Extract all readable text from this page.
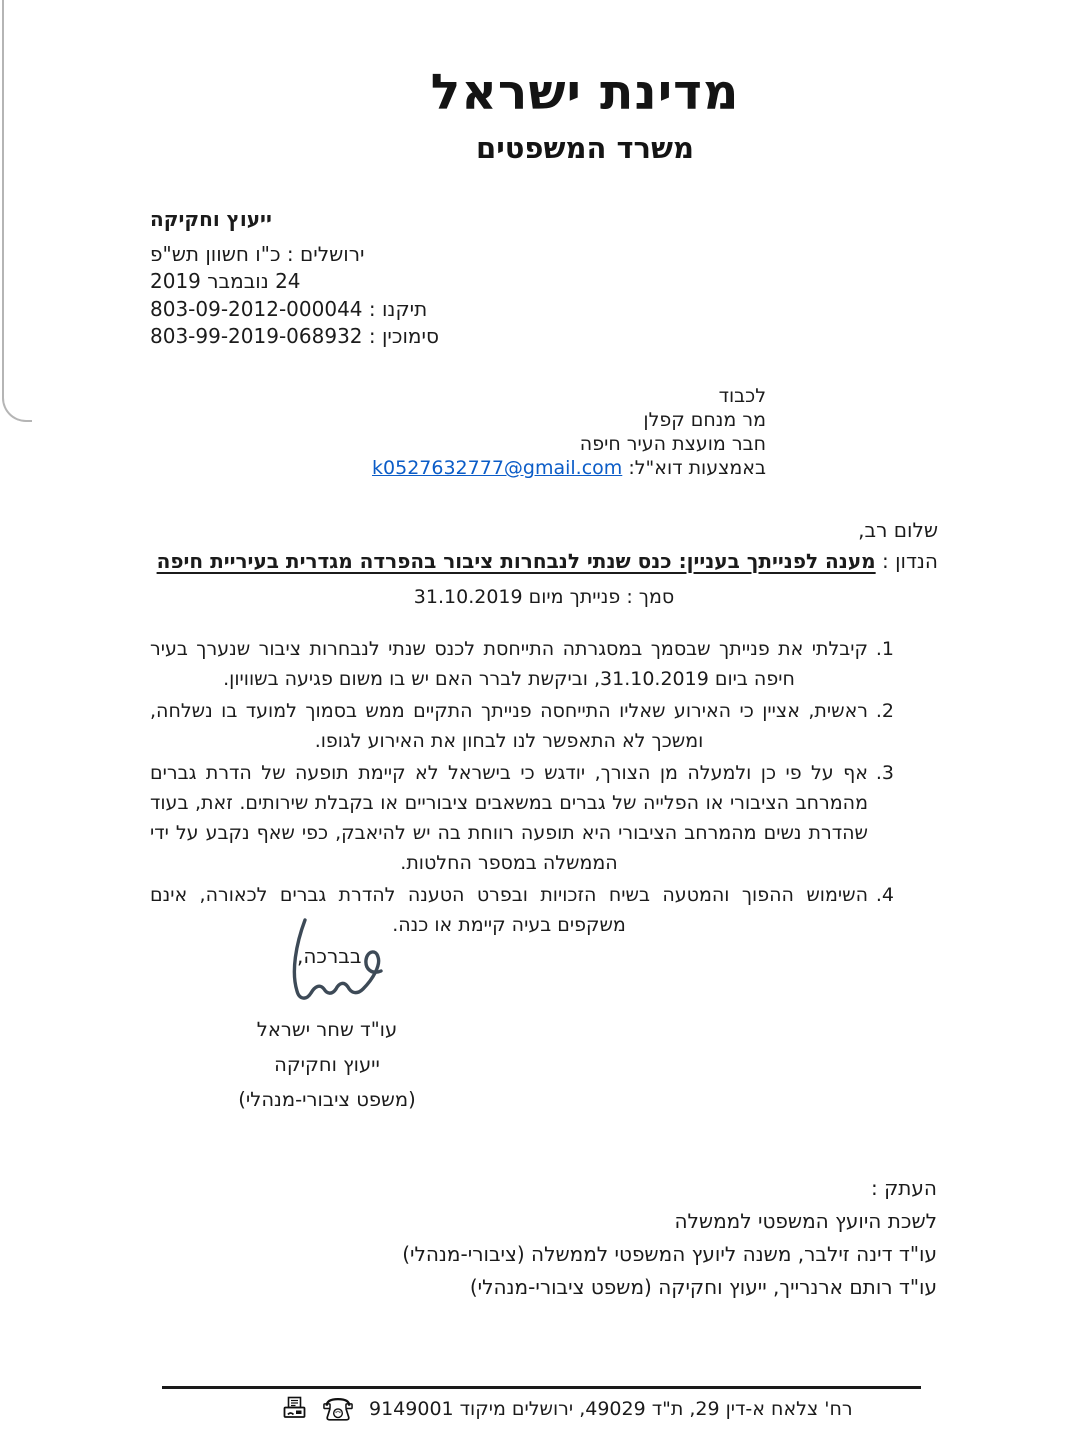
מדינת ישראל
משרד המשפטים
ייעוץ וחקיקה
ירושלים : כ"ו חשוון תש"פ
24 נובמבר 2019
תיקנו : 803-09-2012-000044
סימוכין : 803-99-2019-068932
לכבוד
מר מנחם קפלן
חבר מועצת העיר חיפה
באמצעות דוא"ל: k0527632777@gmail.com
שלום רב,
הנדון : מענה לפנייתך בעניין: כנס שנתי לנבחרות ציבור בהפרדה מגדרית בעיריית חיפה
סמך : פנייתך מיום 31.10.2019
1.
קיבלתי את פנייתך שבסמך במסגרתה התייחסת לכנס שנתי לנבחרות ציבור שנערך בעיר חיפה ביום 31.10.2019, וביקשת לברר האם יש בו משום פגיעה בשוויון.
2.
ראשית, אציין כי האירוע שאליו התייחסה פנייתך התקיים ממש בסמוך למועד בו נשלחה, ומשכך לא התאפשר לנו לבחון את האירוע לגופו.
3.
אף על פי כן ולמעלה מן הצורך, יודגש כי בישראל לא קיימת תופעה של הדרת גברים מהמרחב הציבורי או הפלייה של גברים במשאבים ציבוריים או בקבלת שירותים. זאת, בעוד שהדרת נשים מהמרחב הציבורי היא תופעה רווחת בה יש להיאבק, כפי שאף נקבע על ידי הממשלה במספר החלטות.
4.
השימוש ההפוך והמטעה בשיח הזכויות ובפרט הטענה להדרת גברים לכאורה, אינם משקפים בעיה קיימת או כנה.
בברכה,
עו"ד שחר ישראל
ייעוץ וחקיקה
(משפט ציבורי-מנהלי)
העתק :
לשכת היועץ המשפטי לממשלה
עו"ד דינה זילבר, משנה ליועץ המשפטי לממשלה (ציבורי-מנהלי)
עו"ד רותם ארנרייך, ייעוץ וחקיקה (משפט ציבורי-מנהלי)
רח' צלאח א-דין 29, ת"ד 49029, ירושלים מיקוד 9149001
